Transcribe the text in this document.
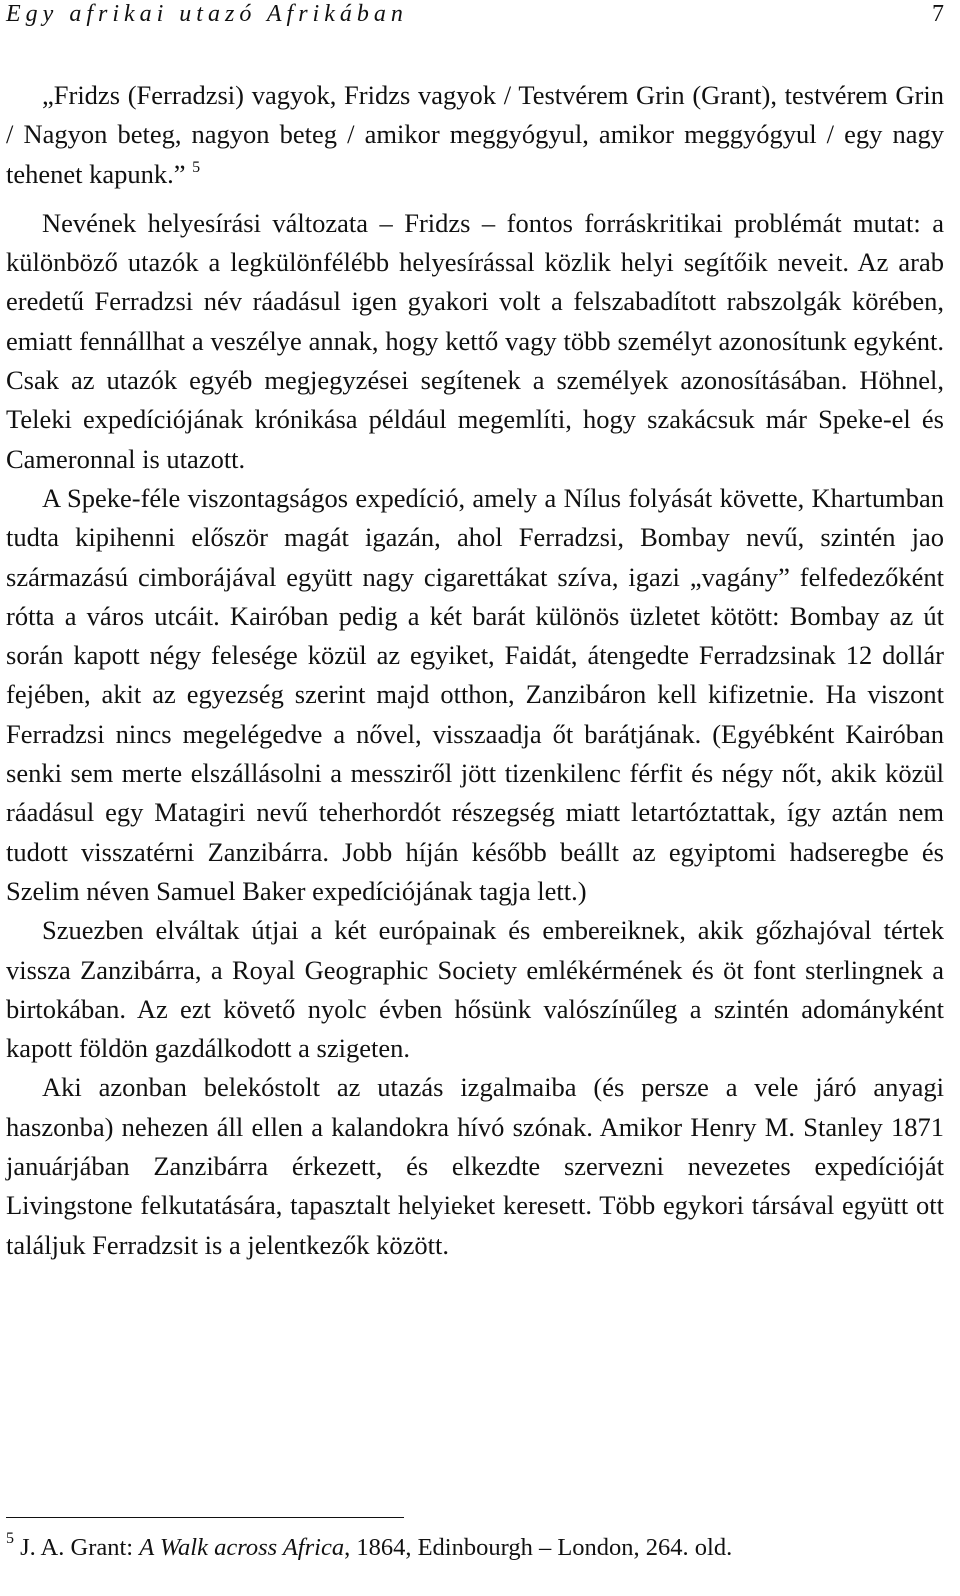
Egy afrikai utazó Afrikában	7

„Fridzs (Ferradzsi) vagyok, Fridzs vagyok / Testvérem Grin (Grant), testvérem Grin / Nagyon beteg, nagyon beteg / amikor meggyógyul, amikor meggyógyul / egy nagy tehenet kapunk.” $^5$

Nevének helyesírási változata – Fridzs – fontos forráskritikai problémát mutat: a különböző utazók a legkülönfélébb helyesírással közlik helyi segítőik neveit. Az arab eredetű Ferradzsi név ráadásul igen gyakori volt a felszabadított rabszolgák körében, emiatt fennállhat a veszélye annak, hogy kettő vagy több személyt azonosítunk egyként. Csak az utazók egyéb megjegyzései segítenek a személyek azonosításában. Höhnel, Teleki expedíciójának krónikása például megemlíti, hogy szakácsuk már Speke-el és Cameronnal is utazott.

A Speke-féle viszontagságos expedíció, amely a Nílus folyását követte, Khartumban tudta kipihenni először magát igazán, ahol Ferradzsi, Bombay nevű, szintén jao származású cimborájával együtt nagy cigarettákat szíva, igazi „vagány” felfedezőként rótta a város utcáit. Kairóban pedig a két barát különös üzletet kötött: Bombay az út során kapott négy felesége közül az egyiket, Faidát, átengedte Ferradzsinak 12 dollár fejében, akit az egyezség szerint majd otthon, Zanzibáron kell kifizetnie. Ha viszont Ferradzsi nincs megelégedve a nővel, visszaadja őt barátjának. (Egyébként Kairóban senki sem merte elszállásolni a messziről jött tizenkilenc férfit és négy nőt, akik közül ráadásul egy Matagiri nevű teherhordót részegség miatt letartóztattak, így aztán nem tudott visszatérni Zanzibárra. Jobb híján később beállt az egyiptomi hadseregbe és Szelim néven Samuel Baker expedíciójának tagja lett.)

Szuezben elváltak útjai a két európainak és embereiknek, akik gőzhajóval tértek vissza Zanzibárra, a Royal Geographic Society emlékérmének és öt font sterlingnek a birtokában. Az ezt követő nyolc évben hősünk valószínűleg a szintén adományként kapott földön gazdálkodott a szigeten.

Aki azonban belekóstolt az utazás izgalmaiba (és persze a vele járó anyagi haszonba) nehezen áll ellen a kalandokra hívó szónak. Amikor Henry M. Stanley 1871 januárjában Zanzibárra érkezett, és elkezdte szervezni nevezetes expedícióját Livingstone felkutatására, tapasztalt helyieket keresett. Több egykori társával együtt ott találjuk Ferradzsit is a jelentkezők között.

$^5$ J. A. Grant: A Walk across Africa, 1864, Edinbourgh – London, 264. old.
